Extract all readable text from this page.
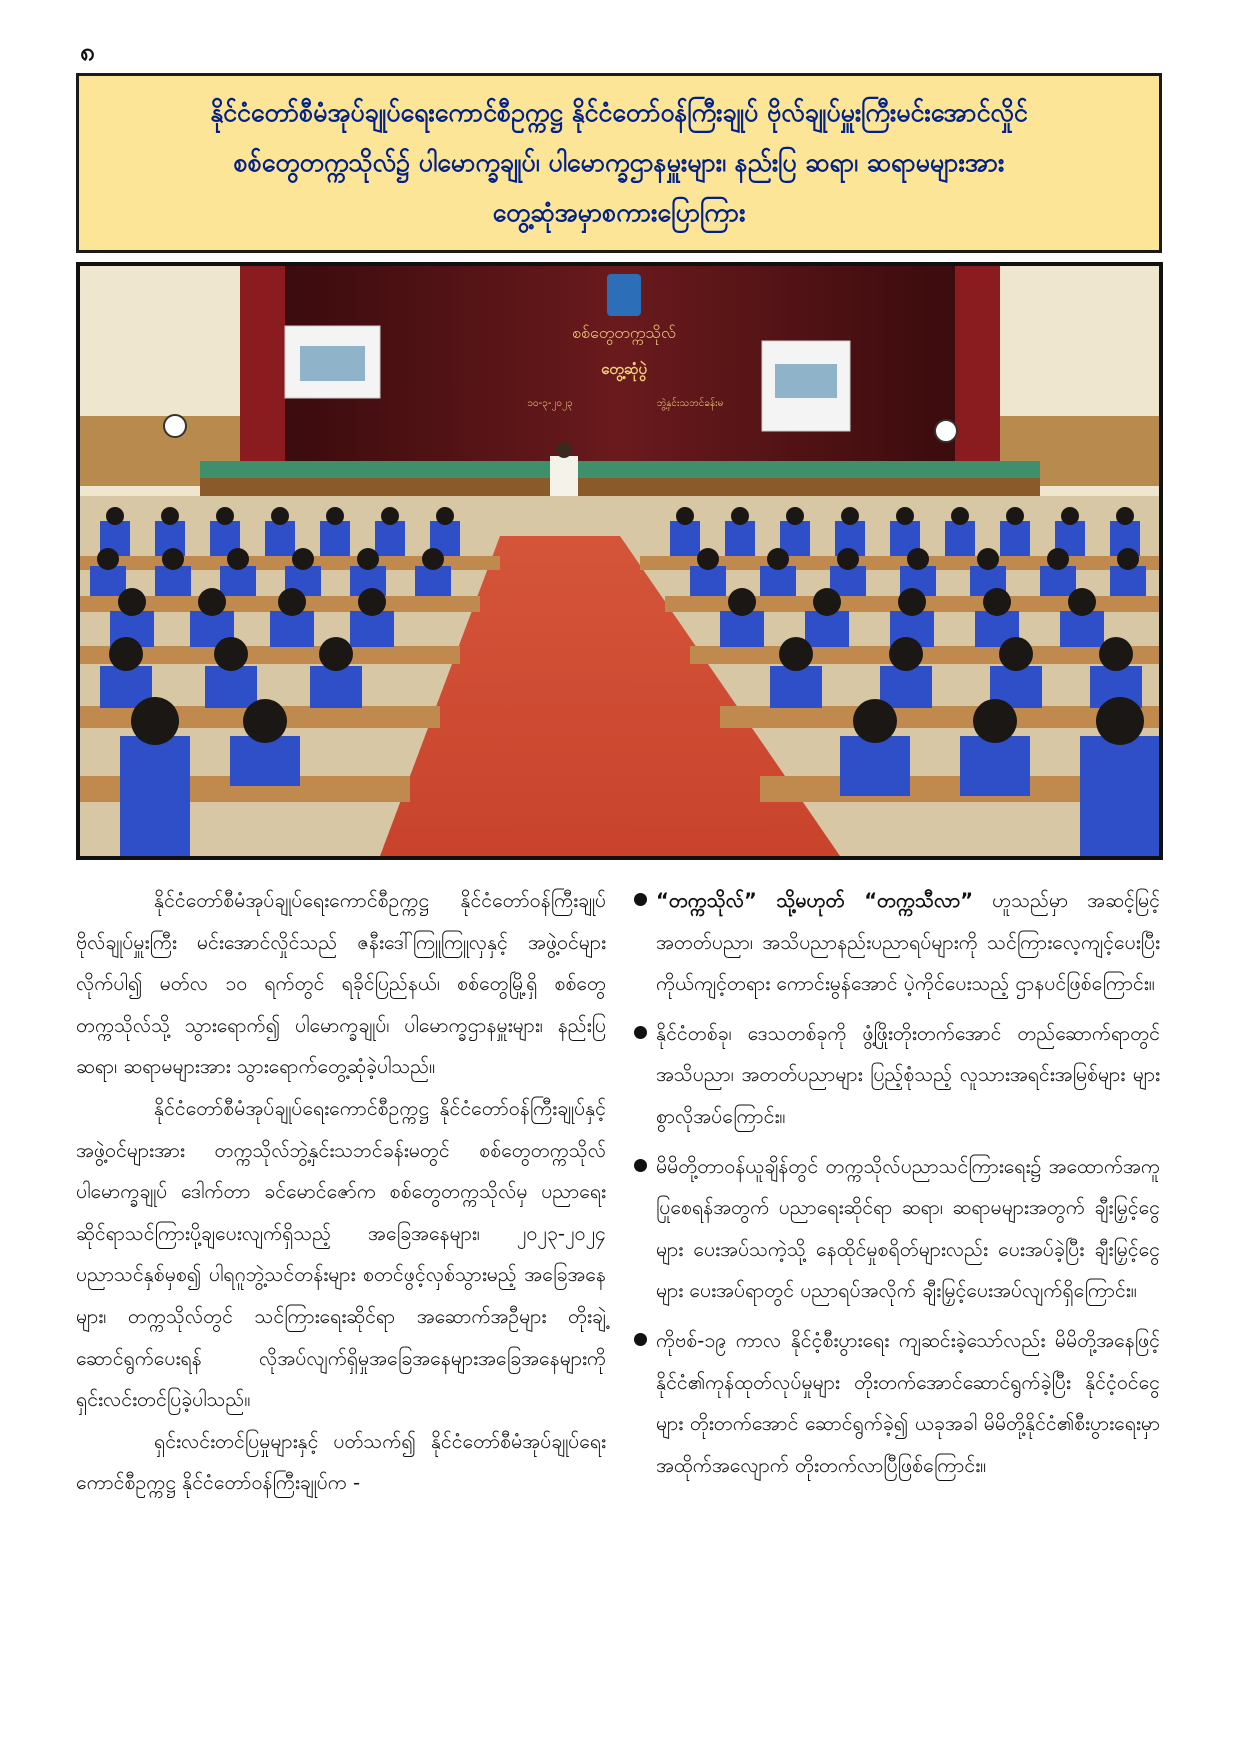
၈
နိုင်ငံတော်စီမံအုပ်ချုပ်ရေးကောင်စီဥက္ကဋ္ဌ နိုင်ငံတော်ဝန်ကြီးချုပ် ဗိုလ်ချုပ်မှူးကြီးမင်းအောင်လှိုင်
စစ်တွေတက္ကသိုလ်၌ ပါမောက္ခချုပ်၊ ပါမောက္ခဌာနမှူးများ၊ နည်းပြ ဆရာ၊ ဆရာမများအား
တွေ့ဆုံအမှာစကားပြောကြား
စစ်တွေတက္ကသိုလ်
တွေ့ဆုံပွဲ
၁၀-၃-၂၀၂၃	ဘွဲ့နှင်းသဘင်ခန်းမ

နိုင်ငံတော်စီမံအုပ်ချုပ်ရေးကောင်စီဥက္ကဋ္ဌ နိုင်ငံတော်ဝန်ကြီးချုပ် ဗိုလ်ချုပ်မှူးကြီး မင်းအောင်လှိုင်သည် ဇနီးဒေါ်ကြူကြူလှနှင့် အဖွဲ့ဝင်များလိုက်ပါ၍ မတ်လ ၁၀ ရက်တွင် ရခိုင်ပြည်နယ်၊ စစ်တွေမြို့ရှိ စစ်တွေတက္ကသိုလ်သို့ သွားရောက်၍ ပါမောက္ခချုပ်၊ ပါမောက္ခဌာနမှူးများ၊ နည်းပြ ဆရာ၊ ဆရာမများအား သွားရောက်တွေ့ဆုံခဲ့ပါသည်။

နိုင်ငံတော်စီမံအုပ်ချုပ်ရေးကောင်စီဥက္ကဋ္ဌ နိုင်ငံတော်ဝန်ကြီးချုပ်နှင့်အဖွဲ့ဝင်များအား တက္ကသိုလ်ဘွဲ့နှင်းသဘင်ခန်းမတွင် စစ်တွေတက္ကသိုလ် ပါမောက္ခချုပ် ဒေါက်တာ ခင်မောင်ဇော်က စစ်တွေတက္ကသိုလ်မှ ပညာရေးဆိုင်ရာသင်ကြားပို့ချပေးလျက်ရှိသည့် အခြေအနေများ၊ ၂၀၂၃-၂၀၂၄ ပညာသင်နှစ်မှစ၍ ပါရဂူဘွဲ့သင်တန်းများ စတင်ဖွင့်လှစ်သွားမည့် အခြေအနေများ၊ တက္ကသိုလ်တွင် သင်ကြားရေးဆိုင်ရာ အဆောက်အဦများ တိုးချဲ့ဆောင်ရွက်ပေးရန် လိုအပ်လျက်ရှိမှုအခြေအနေများအခြေအနေများကို ရှင်းလင်းတင်ပြခဲ့ပါသည်။

ရှင်းလင်းတင်ပြမှုများနှင့် ပတ်သက်၍ နိုင်ငံတော်စီမံအုပ်ချုပ်ရေးကောင်စီဥက္ကဋ္ဌ နိုင်ငံတော်ဝန်ကြီးချုပ်က -

“တက္ကသိုလ်” သို့မဟုတ် “တက္ကသီလာ” ဟူသည်မှာ အဆင့်မြင့် အတတ်ပညာ၊ အသိပညာနည်းပညာရပ်များကို သင်ကြားလေ့ကျင့်ပေးပြီး ကိုယ်ကျင့်တရား ကောင်းမွန်အောင် ပဲ့ကိုင်ပေးသည့် ဌာနပင်ဖြစ်ကြောင်း။
နိုင်ငံတစ်ခု၊ ဒေသတစ်ခုကို ဖွံ့ဖြိုးတိုးတက်အောင် တည်ဆောက်ရာတွင် အသိပညာ၊ အတတ်ပညာများ ပြည့်စုံသည့် လူသားအရင်းအမြစ်များ များစွာလိုအပ်ကြောင်း။
မိမိတို့တာဝန်ယူချိန်တွင် တက္ကသိုလ်ပညာသင်ကြားရေး၌ အထောက်အကူပြုစေရန်အတွက် ပညာရေးဆိုင်ရာ ဆရာ၊ ဆရာမများအတွက် ချီးမြှင့်ငွေများ ပေးအပ်သကဲ့သို့ နေထိုင်မှုစရိတ်များလည်း ပေးအပ်ခဲ့ပြီး ချီးမြှင့်ငွေများ ပေးအပ်ရာတွင် ပညာရပ်အလိုက် ချီးမြှင့်ပေးအပ်လျက်ရှိကြောင်း။
ကိုဗစ်-၁၉ ကာလ နိုင်ငံ့စီးပွားရေး ကျဆင်းခဲ့သော်လည်း မိမိတို့အနေဖြင့် နိုင်ငံ၏ကုန်ထုတ်လုပ်မှုများ တိုးတက်အောင်ဆောင်ရွက်ခဲ့ပြီး နိုင်ငံ့ဝင်ငွေများ တိုးတက်အောင် ဆောင်ရွက်ခဲ့၍ ယခုအခါ မိမိတို့နိုင်ငံ၏စီးပွားရေးမှာ အထိုက်အလျောက် တိုးတက်လာပြီဖြစ်ကြောင်း။
